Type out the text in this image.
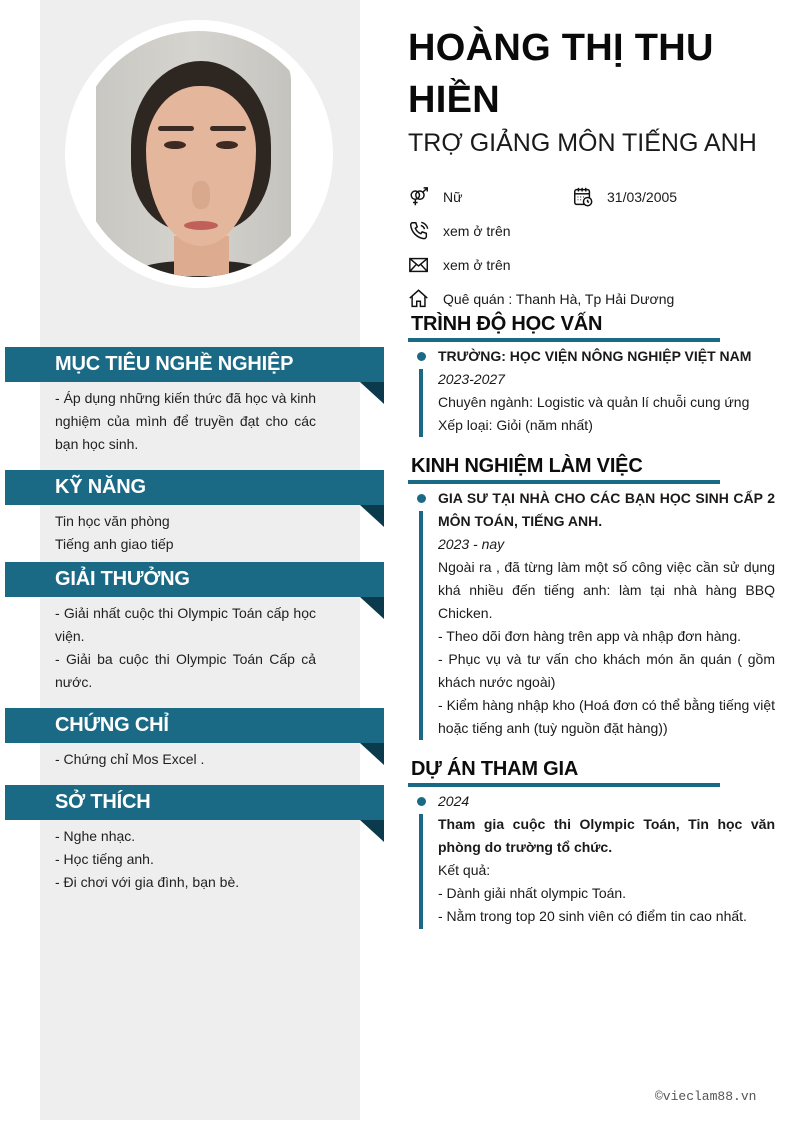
MỤC TIÊU NGHỀ NGHIỆP

- Áp dụng những kiến thức đã học và kinh nghiệm của mình để truyền đạt cho các bạn học sinh.

KỸ NĂNG

Tin học văn phòng

Tiếng anh giao tiếp

GIẢI THƯỞNG

- Giải nhất cuộc thi Olympic Toán cấp học viện.

- Giải ba cuộc thi Olympic Toán Cấp cả nước.

CHỨNG CHỈ

- Chứng chỉ Mos Excel .

SỞ THÍCH

- Nghe nhạc.

- Học tiếng anh.

- Đi chơi với gia đình, bạn bè.

HOÀNG THỊ THU HIỀN
TRỢ GIẢNG MÔN TIẾNG ANH
Nữ	31/03/2005
xem ở trên
xem ở trên
Quê quán : Thanh Hà, Tp Hải Dương
TRÌNH ĐỘ HỌC VẤN

TRƯỜNG: HỌC VIỆN NÔNG NGHIỆP VIỆT NAM

2023-2027

Chuyên ngành: Logistic và quản lí chuỗi cung ứng

Xếp loại: Giỏi (năm nhất)

KINH NGHIỆM LÀM VIỆC

GIA SƯ TẠI NHÀ CHO CÁC BẠN HỌC SINH CẤP 2 MÔN TOÁN, TIẾNG ANH.

2023 - nay

Ngoài ra , đã từng làm một số công việc cần sử dụng khá nhiều đến tiếng anh: làm tại nhà hàng BBQ Chicken.

- Theo dõi đơn hàng trên app và nhập đơn hàng.

- Phục vụ và tư vấn cho khách món ăn quán ( gồm khách nước ngoài)

- Kiểm hàng nhập kho (Hoá đơn có thể bằng tiếng việt hoặc tiếng anh (tuỳ nguồn đặt hàng))

DỰ ÁN THAM GIA

2024

Tham gia cuộc thi Olympic Toán, Tin học văn phòng do trường tổ chức.

Kết quả:

- Dành giải nhất olympic Toán.

- Nằm trong top 20 sinh viên có điểm tin cao nhất.

©vieclam88.vn
